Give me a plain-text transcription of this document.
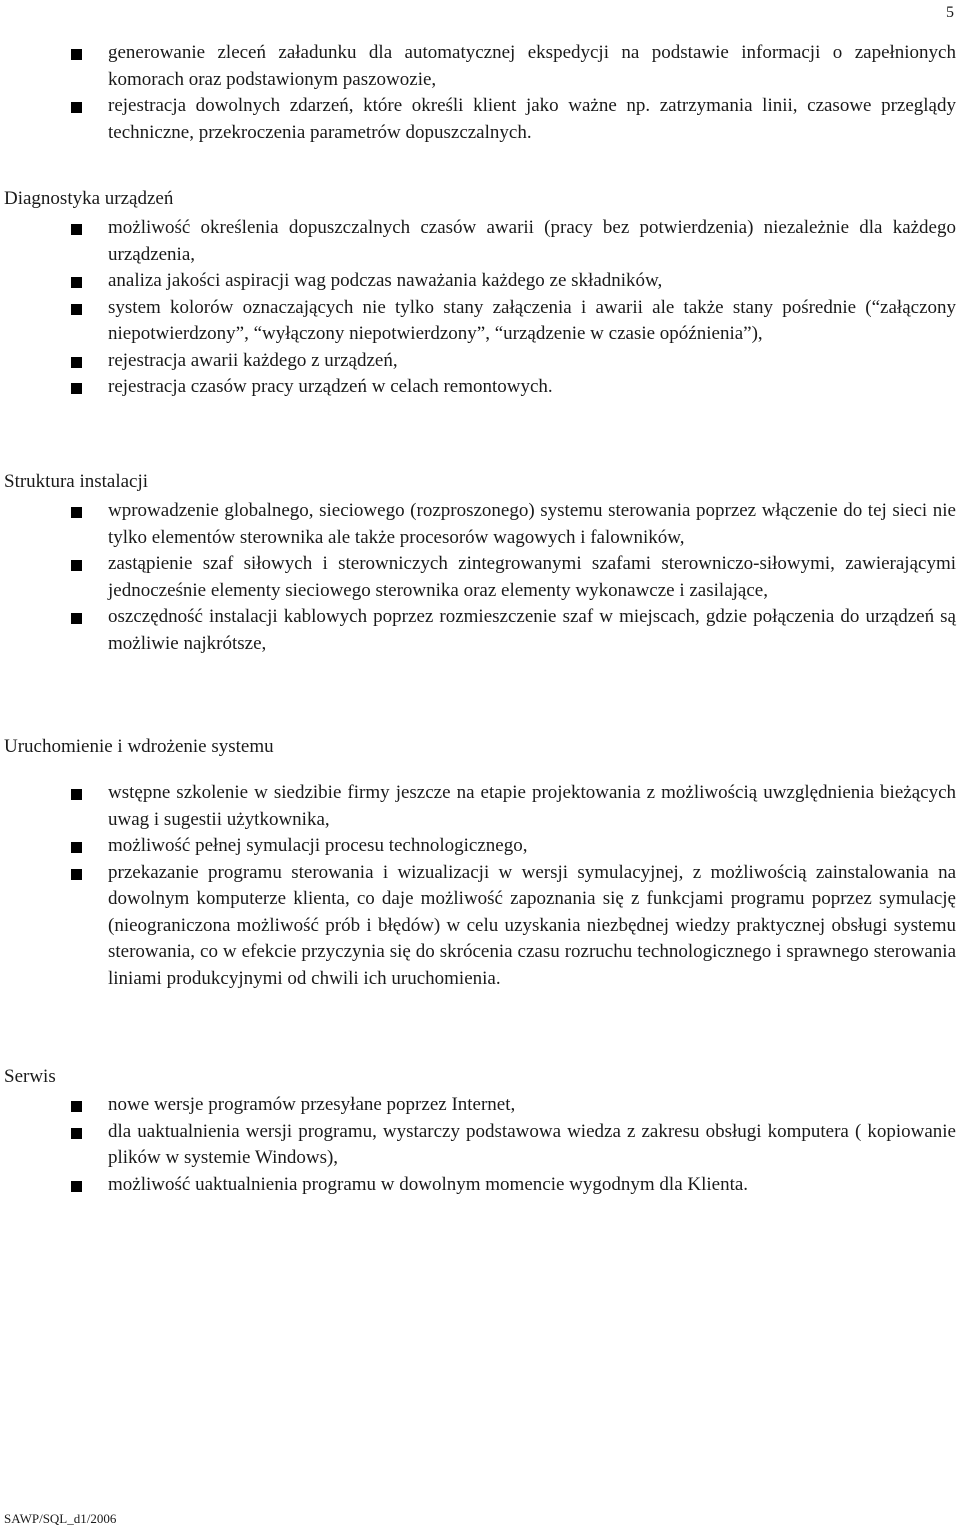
5
generowanie zleceń załadunku dla automatycznej ekspedycji na podstawie informacji o zapełnionych komorach oraz podstawionym paszowozie,
rejestracja dowolnych zdarzeń, które określi klient jako ważne np. zatrzymania linii, czasowe przeglądy techniczne, przekroczenia parametrów dopuszczalnych.
Diagnostyka urządzeń
możliwość określenia dopuszczalnych czasów awarii (pracy bez potwierdzenia) niezależnie dla każdego urządzenia,
analiza jakości aspiracji wag podczas naważania każdego ze składników,
system kolorów oznaczających nie tylko stany załączenia i awarii ale także stany pośrednie (“załączony niepotwierdzony”, “wyłączony niepotwierdzony”, “urządzenie w czasie opóźnienia”),
rejestracja awarii każdego z urządzeń,
rejestracja czasów pracy urządzeń w celach remontowych.
Struktura instalacji
wprowadzenie globalnego, sieciowego (rozproszonego) systemu sterowania poprzez włączenie do tej sieci nie tylko elementów sterownika ale także procesorów wagowych i falowników,
zastąpienie szaf siłowych i sterowniczych zintegrowanymi szafami sterowniczo-siłowymi, zawierającymi jednocześnie elementy sieciowego sterownika oraz elementy wykonawcze i zasilające,
oszczędność instalacji kablowych poprzez rozmieszczenie szaf w miejscach, gdzie połączenia do urządzeń są możliwie najkrótsze,
Uruchomienie i wdrożenie systemu
wstępne szkolenie w siedzibie firmy jeszcze na etapie projektowania z możliwością uwzględnienia bieżących uwag i sugestii użytkownika,
możliwość pełnej symulacji procesu technologicznego,
przekazanie programu sterowania i wizualizacji w wersji symulacyjnej, z możliwością zainstalowania na dowolnym komputerze klienta, co daje możliwość zapoznania się z funkcjami programu poprzez symulację (nieograniczona możliwość prób i błędów) w celu uzyskania niezbędnej wiedzy praktycznej obsługi systemu sterowania, co w efekcie przyczynia się do skrócenia czasu rozruchu technologicznego i sprawnego sterowania liniami produkcyjnymi od chwili ich uruchomienia.
Serwis
nowe wersje programów przesyłane poprzez Internet,
dla uaktualnienia wersji programu, wystarczy podstawowa wiedza z zakresu obsługi komputera ( kopiowanie plików w systemie Windows),
możliwość uaktualnienia programu w dowolnym momencie wygodnym dla Klienta.
SAWP/SQL_d1/2006
